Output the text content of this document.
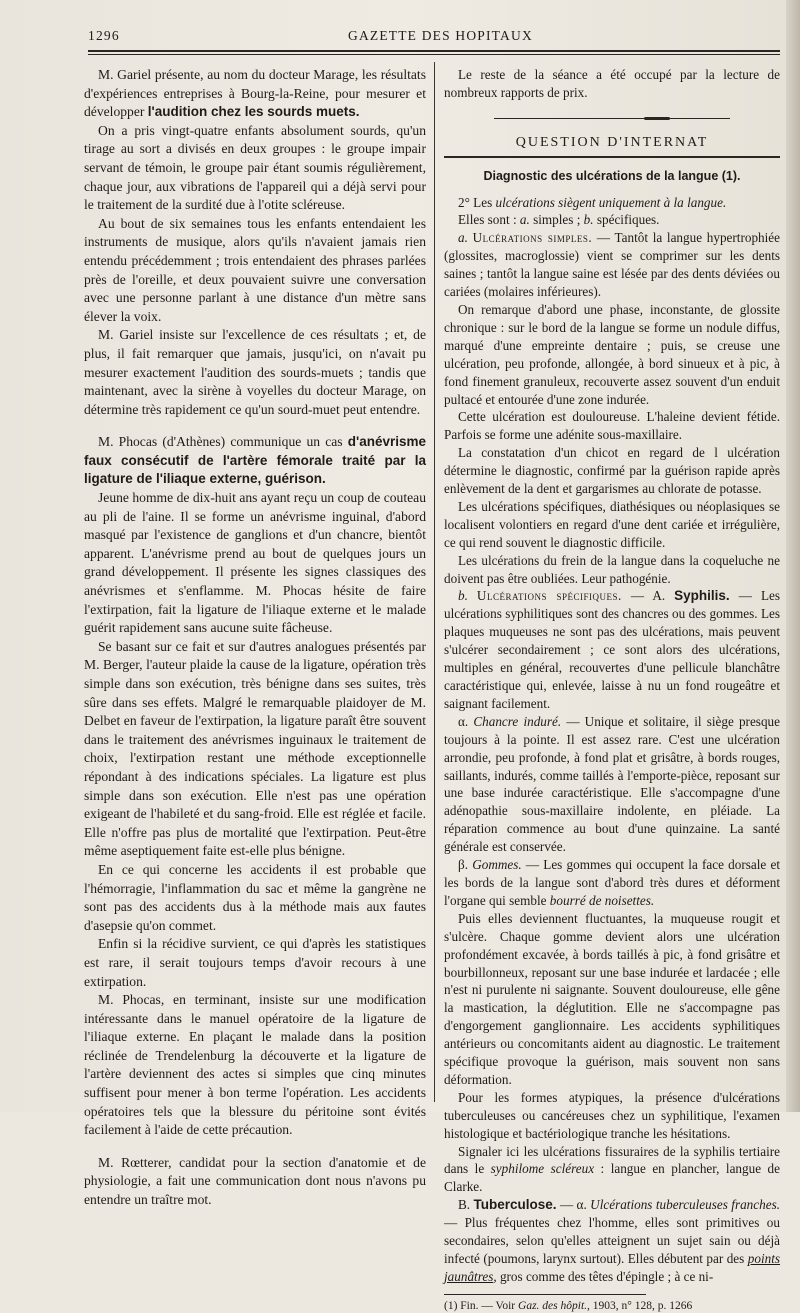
1296	GAZETTE DES HOPITAUX

M. Gariel présente, au nom du docteur Marage, les résultats d'expériences entreprises à Bourg-la-Reine, pour mesurer et développer l'audition chez les sourds muets.

On a pris vingt-quatre enfants absolument sourds, qu'un tirage au sort a divisés en deux groupes : le groupe impair servant de témoin, le groupe pair étant soumis régulièrement, chaque jour, aux vibrations de l'appareil qui a déjà servi pour le traitement de la surdité due à l'otite scléreuse.

Au bout de six semaines tous les enfants entendaient les instruments de musique, alors qu'ils n'avaient jamais rien entendu précédemment ; trois entendaient des phrases parlées près de l'oreille, et deux pouvaient suivre une conversation avec une personne parlant à une distance d'un mètre sans élever la voix.

M. Gariel insiste sur l'excellence de ces résultats ; et, de plus, il fait remarquer que jamais, jusqu'ici, on n'avait pu mesurer exactement l'audition des sourds-muets ; tandis que maintenant, avec la sirène à voyelles du docteur Marage, on détermine très rapidement ce qu'un sourd-muet peut entendre.

M. Phocas (d'Athènes) communique un cas d'anévrisme faux consécutif de l'artère fémorale traité par la ligature de l'iliaque externe, guérison.

Jeune homme de dix-huit ans ayant reçu un coup de couteau au pli de l'aine. Il se forme un anévrisme inguinal, d'abord masqué par l'existence de ganglions et d'un chancre, bientôt apparent. L'anévrisme prend au bout de quelques jours un grand développement. Il présente les signes classiques des anévrismes et s'enflamme. M. Phocas hésite de faire l'extirpation, fait la ligature de l'iliaque externe et le malade guérit rapidement sans aucune suite fâcheuse.

Se basant sur ce fait et sur d'autres analogues présentés par M. Berger, l'auteur plaide la cause de la ligature, opération très simple dans son exécution, très bénigne dans ses suites, très sûre dans ses effets. Malgré le remarquable plaidoyer de M. Delbet en faveur de l'extirpation, la ligature paraît être souvent dans le traitement des anévrismes inguinaux le traitement de choix, l'extirpation restant une méthode exceptionnelle répondant à des indications spéciales. La ligature est plus simple dans son exécution. Elle n'est pas une opération exigeant de l'habileté et du sang-froid. Elle est réglée et facile. Elle n'offre pas plus de mortalité que l'extirpation. Peut-être même aseptiquement faite est-elle plus bénigne.

En ce qui concerne les accidents il est probable que l'hémorragie, l'inflammation du sac et même la gangrène ne sont pas des accidents dus à la méthode mais aux fautes d'asepsie qu'on commet.

Enfin si la récidive survient, ce qui d'après les statistiques est rare, il serait toujours temps d'avoir recours à une extirpation.

M. Phocas, en terminant, insiste sur une modification intéressante dans le manuel opératoire de la ligature de l'iliaque externe. En plaçant le malade dans la position réclinée de Trendelenburg la découverte et la ligature de l'artère deviennent des actes si simples que cinq minutes suffisent pour mener à bon terme l'opération. Les accidents opératoires tels que la blessure du péritoine sont évités facilement à l'aide de cette précaution.

M. Rœtterer, candidat pour la section d'anatomie et de physiologie, a fait une communication dont nous n'avons pu entendre un traître mot.

Le reste de la séance a été occupé par la lecture de nombreux rapports de prix.

QUESTION D'INTERNAT
Diagnostic des ulcérations de la langue (1).

2° Les ulcérations siègent uniquement à la langue.

Elles sont : a. simples ; b. spécifiques.

a. Ulcérations simples. — Tantôt la langue hypertrophiée (glossites, macroglossie) vient se comprimer sur les dents saines ; tantôt la langue saine est lésée par des dents déviées ou cariées (molaires inférieures).

On remarque d'abord une phase, inconstante, de glossite chronique : sur le bord de la langue se forme un nodule diffus, marqué d'une empreinte dentaire ; puis, se creuse une ulcération, peu profonde, allongée, à bord sinueux et à pic, à fond finement granuleux, recouverte assez souvent d'un enduit pultacé et entourée d'une zone indurée.

Cette ulcération est douloureuse. L'haleine devient fétide. Parfois se forme une adénite sous-maxillaire.

La constatation d'un chicot en regard de l ulcération détermine le diagnostic, confirmé par la guérison rapide après enlèvement de la dent et gargarismes au chlorate de potasse.

Les ulcérations spécifiques, diathésiques ou néoplasiques se localisent volontiers en regard d'une dent cariée et irrégulière, ce qui rend souvent le diagnostic difficile.

Les ulcérations du frein de la langue dans la coqueluche ne doivent pas être oubliées. Leur pathogénie.

b. Ulcérations spécifiques. — A. Syphilis. — Les ulcérations syphilitiques sont des chancres ou des gommes. Les plaques muqueuses ne sont pas des ulcérations, mais peuvent s'ulcérer secondairement ; ce sont alors des ulcérations, multiples en général, recouvertes d'une pellicule blanchâtre caractéristique qui, enlevée, laisse à nu un fond rougeâtre et saignant facilement.

α. Chancre induré. — Unique et solitaire, il siège presque toujours à la pointe. Il est assez rare. C'est une ulcération arrondie, peu profonde, à fond plat et grisâtre, à bords rouges, saillants, indurés, comme taillés à l'emporte-pièce, reposant sur une base indurée caractéristique. Elle s'accompagne d'une adénopathie sous-maxillaire indolente, en pléiade. La réparation commence au bout d'une quinzaine. La santé générale est conservée.

β. Gommes. — Les gommes qui occupent la face dorsale et les bords de la langue sont d'abord très dures et déforment l'organe qui semble bourré de noisettes.

Puis elles deviennent fluctuantes, la muqueuse rougit et s'ulcère. Chaque gomme devient alors une ulcération profondément excavée, à bords taillés à pic, à fond grisâtre et bourbillonneux, reposant sur une base indurée et lardacée ; elle n'est ni purulente ni saignante. Souvent douloureuse, elle gêne la mastication, la déglutition. Elle ne s'accompagne pas d'engorgement ganglionnaire. Les accidents syphilitiques antérieurs ou concomitants aident au diagnostic. Le traitement spécifique provoque la guérison, mais souvent non sans déformation.

Pour les formes atypiques, la présence d'ulcérations tuberculeuses ou cancéreuses chez un syphilitique, l'examen histologique et bactériologique tranche les hésitations.

Signaler ici les ulcérations fissuraires de la syphilis tertiaire dans le syphilome scléreux : langue en plancher, langue de Clarke.

B. Tuberculose. — α. Ulcérations tuberculeuses franches. — Plus fréquentes chez l'homme, elles sont primitives ou secondaires, selon qu'elles atteignent un sujet sain ou déjà infecté (poumons, larynx surtout). Elles débutent par des points jaunâtres, gros comme des têtes d'épingle ; à ce ni-

(1) Fin. — Voir Gaz. des hôpit., 1903, n° 128, p. 1266
